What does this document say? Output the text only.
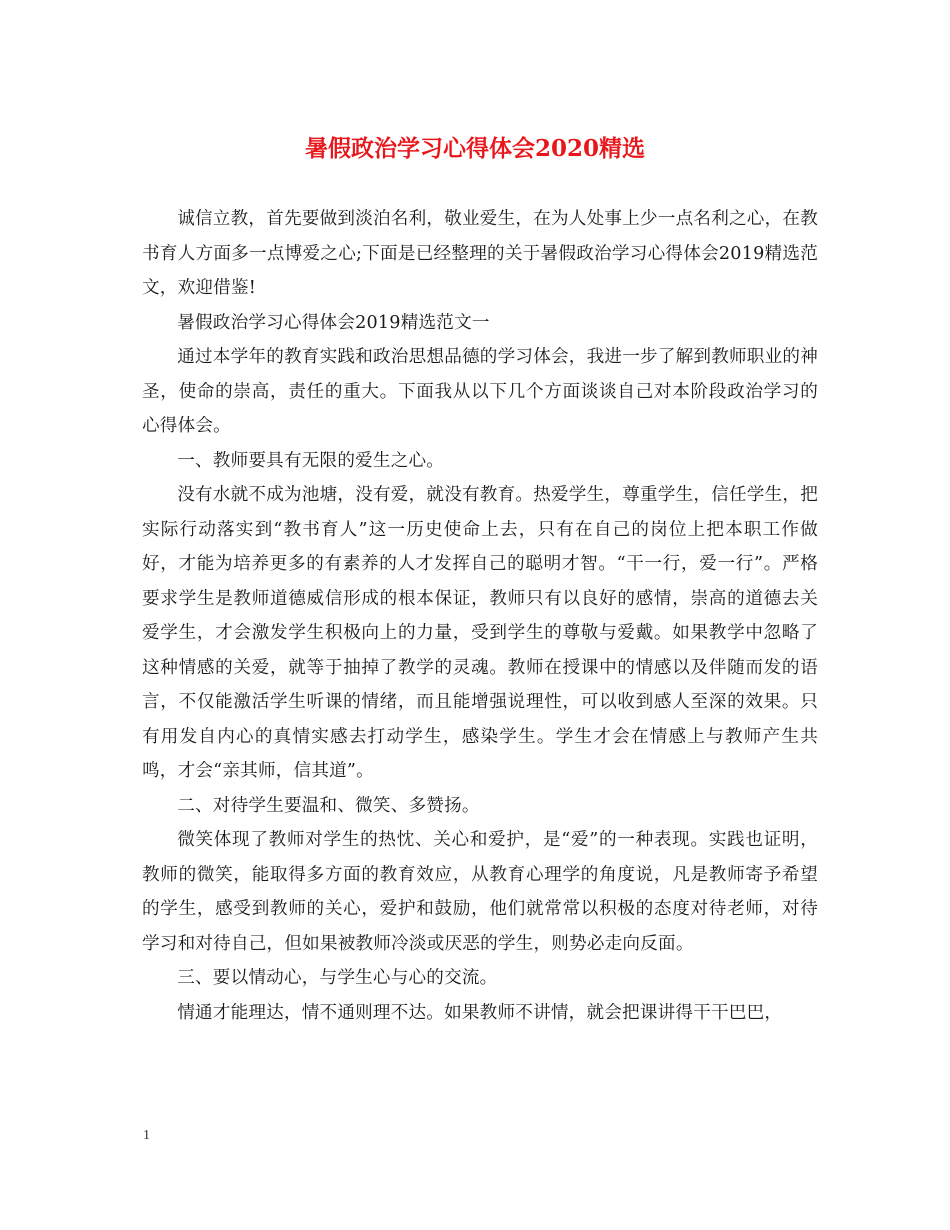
暑假政治学习心得体会2020精选

诚信立教，首先要做到淡泊名利，敬业爱生，在为人处事上少一点名利之心，在教书育人方面多一点博爱之心;下面是已经整理的关于暑假政治学习心得体会2019精选范文，欢迎借鉴!

暑假政治学习心得体会2019精选范文一

通过本学年的教育实践和政治思想品德的学习体会，我进一步了解到教师职业的神圣，使命的崇高，责任的重大。下面我从以下几个方面谈谈自己对本阶段政治学习的心得体会。

一、教师要具有无限的爱生之心。

没有水就不成为池塘，没有爱，就没有教育。热爱学生，尊重学生，信任学生，把实际行动落实到“教书育人”这一历史使命上去，只有在自己的岗位上把本职工作做好，才能为培养更多的有素养的人才发挥自己的聪明才智。“干一行，爱一行”。严格要求学生是教师道德威信形成的根本保证，教师只有以良好的感情，崇高的道德去关爱学生，才会激发学生积极向上的力量，受到学生的尊敬与爱戴。如果教学中忽略了这种情感的关爱，就等于抽掉了教学的灵魂。教师在授课中的情感以及伴随而发的语言，不仅能激活学生听课的情绪，而且能增强说理性，可以收到感人至深的效果。只有用发自内心的真情实感去打动学生，感染学生。学生才会在情感上与教师产生共鸣，才会“亲其师，信其道”。

二、对待学生要温和、微笑、多赞扬。

微笑体现了教师对学生的热忱、关心和爱护，是“爱”的一种表现。实践也证明，教师的微笑，能取得多方面的教育效应，从教育心理学的角度说，凡是教师寄予希望的学生，感受到教师的关心，爱护和鼓励，他们就常常以积极的态度对待老师，对待学习和对待自己，但如果被教师冷淡或厌恶的学生，则势必走向反面。

三、要以情动心，与学生心与心的交流。

情通才能理达，情不通则理不达。如果教师不讲情，就会把课讲得干干巴巴，

1
